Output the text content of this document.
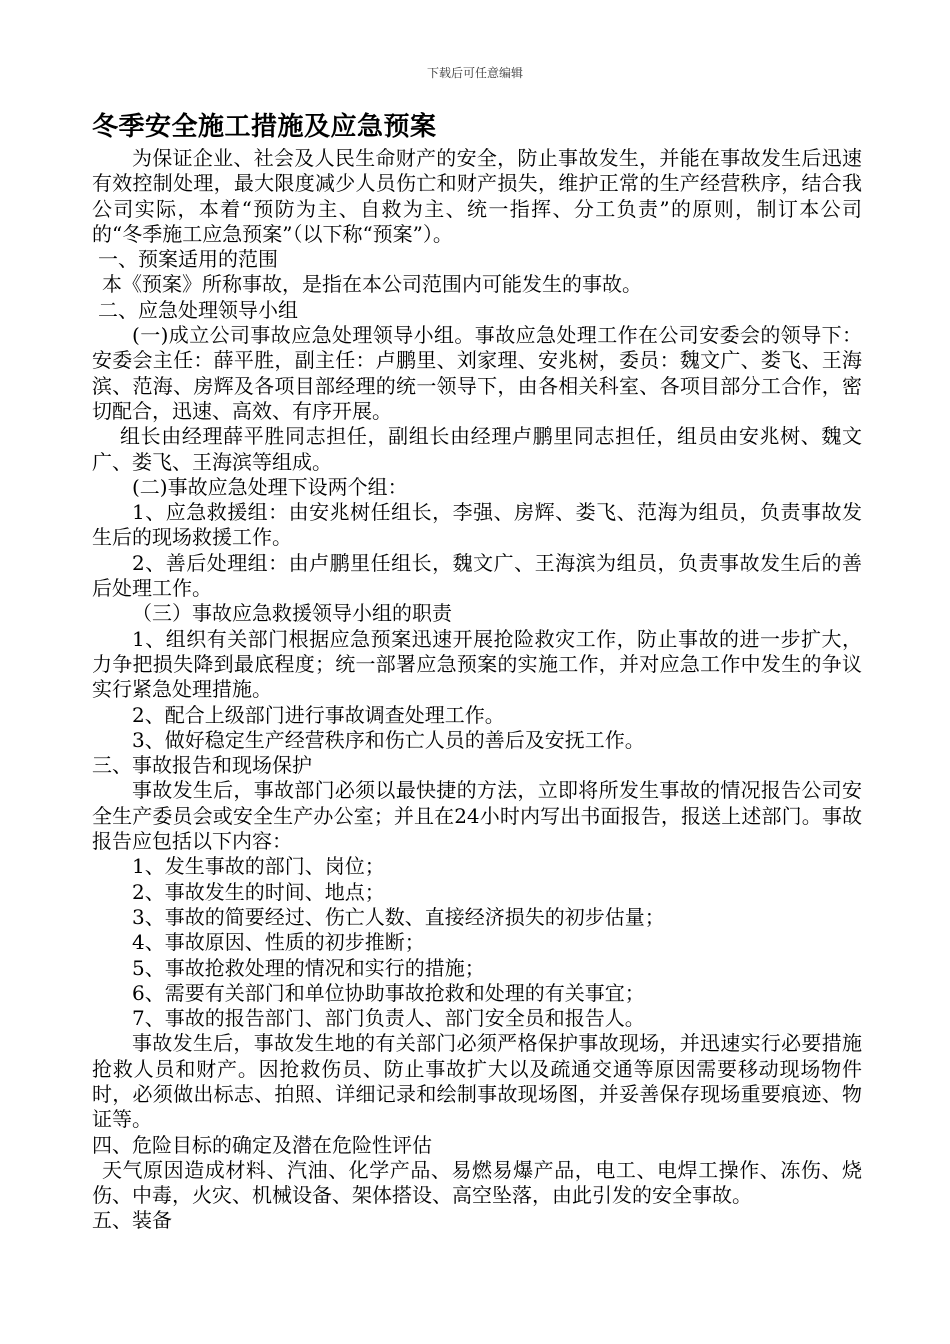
下载后可任意编辑
冬季安全施工措施及应急预案

为保证企业、社会及人民生命财产的安全，防止事故发生，并能在事故发生后迅速有效控制处理，最大限度减少人员伤亡和财产损失，维护正常的生产经营秩序，结合我公司实际，本着“预防为主、自救为主、统一指挥、分工负责”的原则，制订本公司的“冬季施工应急预案”（以下称“预案”）。

一、预案适用的范围

本《预案》所称事故，是指在本公司范围内可能发生的事故。

二、应急处理领导小组

(一)成立公司事故应急处理领导小组。事故应急处理工作在公司安委会的领导下：安委会主任：薛平胜，副主任：卢鹏里、刘家理、安兆树，委员：魏文广、娄飞、王海滨、范海、房辉及各项目部经理的统一领导下，由各相关科室、各项目部分工合作，密切配合，迅速、高效、有序开展。

组长由经理薛平胜同志担任，副组长由经理卢鹏里同志担任，组员由安兆树、魏文广、娄飞、王海滨等组成。

(二)事故应急处理下设两个组：

1、应急救援组：由安兆树任组长，李强、房辉、娄飞、范海为组员，负责事故发生后的现场救援工作。

2、善后处理组：由卢鹏里任组长，魏文广、王海滨为组员，负责事故发生后的善后处理工作。

（三）事故应急救援领导小组的职责

1、组织有关部门根据应急预案迅速开展抢险救灾工作，防止事故的进一步扩大，力争把损失降到最底程度；统一部署应急预案的实施工作，并对应急工作中发生的争议实行紧急处理措施。

2、配合上级部门进行事故调查处理工作。

3、做好稳定生产经营秩序和伤亡人员的善后及安抚工作。

三、事故报告和现场保护

事故发生后，事故部门必须以最快捷的方法，立即将所发生事故的情况报告公司安全生产委员会或安全生产办公室；并且在24小时内写出书面报告，报送上述部门。事故报告应包括以下内容：

1、发生事故的部门、岗位；

2、事故发生的时间、地点；

3、事故的简要经过、伤亡人数、直接经济损失的初步估量；

4、事故原因、性质的初步推断；

5、事故抢救处理的情况和实行的措施；

6、需要有关部门和单位协助事故抢救和处理的有关事宜；

7、事故的报告部门、部门负责人、部门安全员和报告人。

事故发生后，事故发生地的有关部门必须严格保护事故现场，并迅速实行必要措施抢救人员和财产。因抢救伤员、防止事故扩大以及疏通交通等原因需要移动现场物件时，必须做出标志、拍照、详细记录和绘制事故现场图，并妥善保存现场重要痕迹、物证等。

四、危险目标的确定及潜在危险性评估

天气原因造成材料、汽油、化学产品、易燃易爆产品，电工、电焊工操作、冻伤、烧伤、中毒，火灾、机械设备、架体搭设、高空坠落，由此引发的安全事故。

五、装备
